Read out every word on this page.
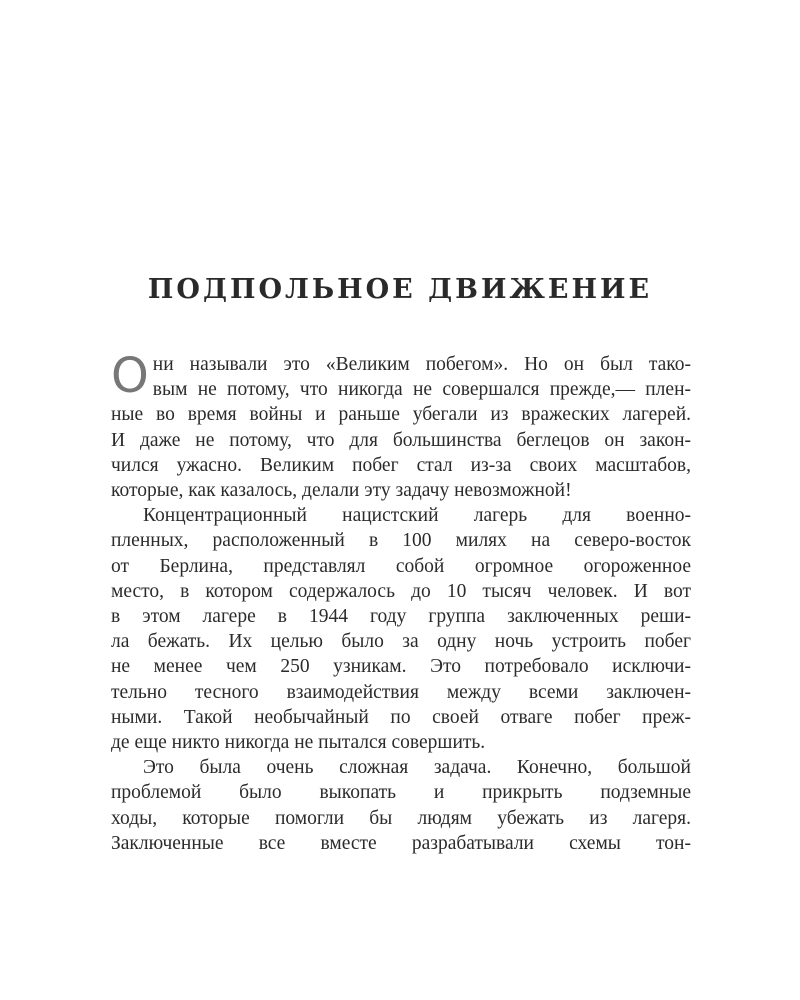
ПОДПОЛЬНОЕ ДВИЖЕНИЕ
О ни называли это «Великим побегом». Но он был тако-
вым не потому, что никогда не совершался прежде,— плен-
ные во время войны и раньше убегали из вражеских лагерей.
И даже не потому, что для большинства беглецов он закон-
чился ужасно. Великим побег стал из-за своих масштабов,
которые, как казалось, делали эту задачу невозможной!
Концентрационный нацистский лагерь для военно-
пленных, расположенный в 100 милях на северо-восток
от Берлина, представлял собой огромное огороженное
место, в котором содержалось до 10 тысяч человек. И вот
в этом лагере в 1944 году группа заключенных реши-
ла бежать. Их целью было за одну ночь устроить побег
не менее чем 250 узникам. Это потребовало исключи-
тельно тесного взаимодействия между всеми заключен-
ными. Такой необычайный по своей отваге побег преж-
де еще никто никогда не пытался совершить.
Это была очень сложная задача. Конечно, большой
проблемой было выкопать и прикрыть подземные
ходы, которые помогли бы людям убежать из лагеря.
Заключенные все вместе разрабатывали схемы тон-
